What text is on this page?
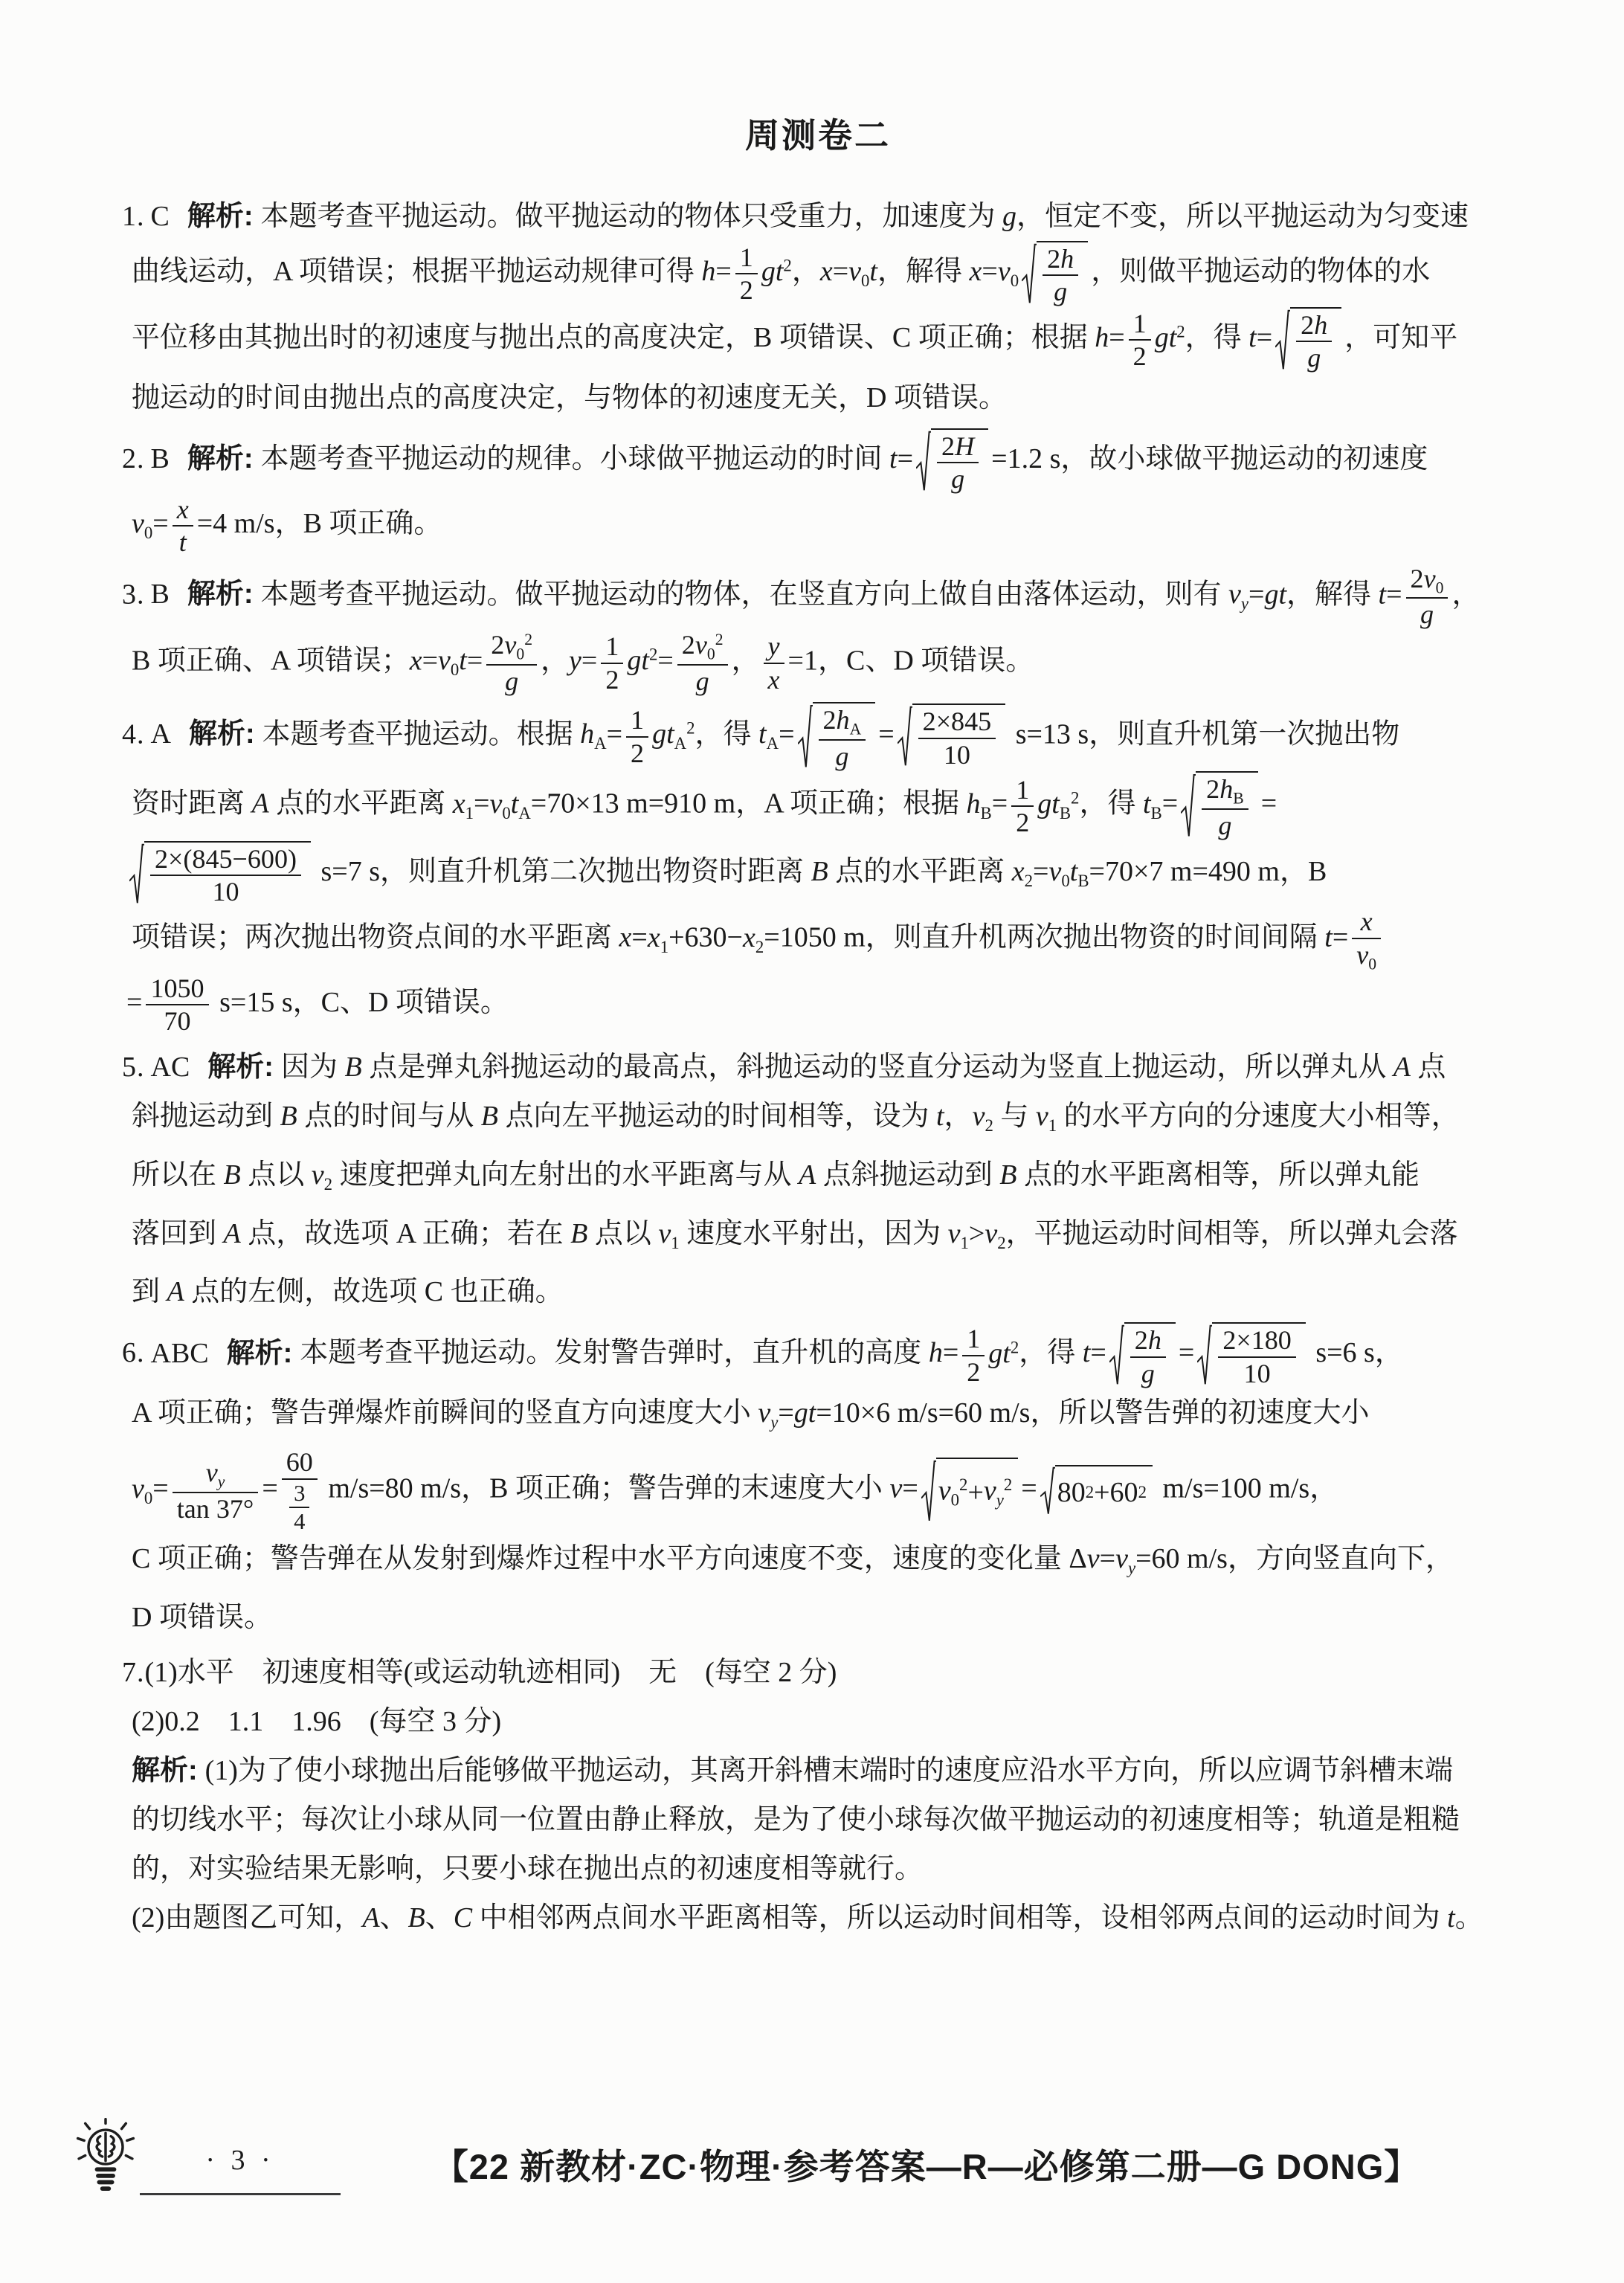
周测卷二
1. C 解析: 本题考查平抛运动。做平抛运动的物体只受重力，加速度为 g，恒定不变，所以平抛运动为匀变速
曲线运动，A 项错误；根据平抛运动规律可得 $h= \frac{1}{2} gt^2$，$x=v_0t$，解得 $x=v_0 \frac{2h}{g}$ ，则做平抛运动的物体的水
平位移由其抛出时的初速度与抛出点的高度决定，B 项错误、C 项正确；根据 $h= \frac{1}{2} gt^2$，得 $t= \frac{2h}{g}$ ，可知平
抛运动的时间由抛出点的高度决定，与物体的初速度无关，D 项错误。
2. B 解析: 本题考查平抛运动的规律。小球做平抛运动的时间 $t= \frac{2H}{g} =1.2$ s，故小球做平抛运动的初速度
$v_0= \frac{x}{t} =4$ m/s，B 项正确。
3. B 解析: 本题考查平抛运动。做平抛运动的物体，在竖直方向上做自由落体运动，则有 $v_y=gt$，解得 $t= \frac{2v_0}{g}$ ，
B 项正确、A 项错误；$x=v_0t= \frac{2v_0^2}{g}$ ，$y= \frac{1}{2} gt^2= \frac{2v_0^2}{g}$ ， $\frac{y}{x} =1$，C、D 项错误。
4. A 解析: 本题考查平抛运动。根据 $h_A= \frac{1}{2} gt_A^2$，得 $t_A= \frac{2h_A}{g} = \frac{2\times 845}{10} s=13$ s，则直升机第一次抛出物
资时距离 A 点的水平距离 $x_1=v_0t_A=70\times 13$ m=910 m，A 项正确；根据 $h_B= \frac{1}{2} gt_B^2$，得 $t_B= \frac{2h_B}{g}$ =
$\frac{2\times(845-600)}{10} s=7$ s，则直升机第二次抛出物资时距离 B 点的水平距离 $x_2=v_0t_B=70\times 7$ m=490 m，B
项错误；两次抛出物资点间的水平距离 $x=x_1+630-x_2=1050$ m，则直升机两次抛出物资的时间间隔 $t= \frac{x}{v_0}$
= $\frac{1050}{70} s=15$ s，C、D 项错误。
5. AC 解析: 因为 B 点是弹丸斜抛运动的最高点，斜抛运动的竖直分运动为竖直上抛运动，所以弹丸从 A 点
斜抛运动到 B 点的时间与从 B 点向左平抛运动的时间相等，设为 t，$v_2$ 与 $v_1$ 的水平方向的分速度大小相等，
所以在 B 点以 $v_2$ 速度把弹丸向左射出的水平距离与从 A 点斜抛运动到 B 点的水平距离相等，所以弹丸能
落回到 A 点，故选项 A 正确；若在 B 点以 $v_1$ 速度水平射出，因为 $v_1>v_2$，平抛运动时间相等，所以弹丸会落
到 A 点的左侧，故选项 C 也正确。
6. ABC 解析: 本题考查平抛运动。发射警告弹时，直升机的高度 $h= \frac{1}{2} gt^2$，得 $t= \frac{2h}{g} = \frac{2\times 180}{10} s=6$ s，
A 项正确；警告弹爆炸前瞬间的竖直方向速度大小 $v_y=gt=10\times 6$ m/s=60 m/s，所以警告弹的初速度大小
$v_0= \frac{v_y}{\tan 37^\circ} = \frac{60}{\frac{3}{4}} m/s=80$ m/s，B 项正确；警告弹的末速度大小 $v= v_0^2 + v_y^2 = 80$ 2 +60 2 m/s=100 m/s，
C 项正确；警告弹在从发射到爆炸过程中水平方向速度不变，速度的变化量 $\Delta v=v_y=60$ m/s，方向竖直向下，
D 项错误。
7.(1)水平　初速度相等(或运动轨迹相同)　无　(每空 2 分)
(2)0.2　1.1　1.96　(每空 3 分)
解析: (1)为了使小球抛出后能够做平抛运动，其离开斜槽末端时的速度应沿水平方向，所以应调节斜槽末端
的切线水平；每次让小球从同一位置由静止释放，是为了使小球每次做平抛运动的初速度相等；轨道是粗糙
的，对实验结果无影响，只要小球在抛出点的初速度相等就行。
(2)由题图乙可知，A、B、C 中相邻两点间水平距离相等，所以运动时间相等，设相邻两点间的运动时间为 t。
· 3 ·	【22 新教材·ZC·物理·参考答案—R—必修第二册—G DONG】
